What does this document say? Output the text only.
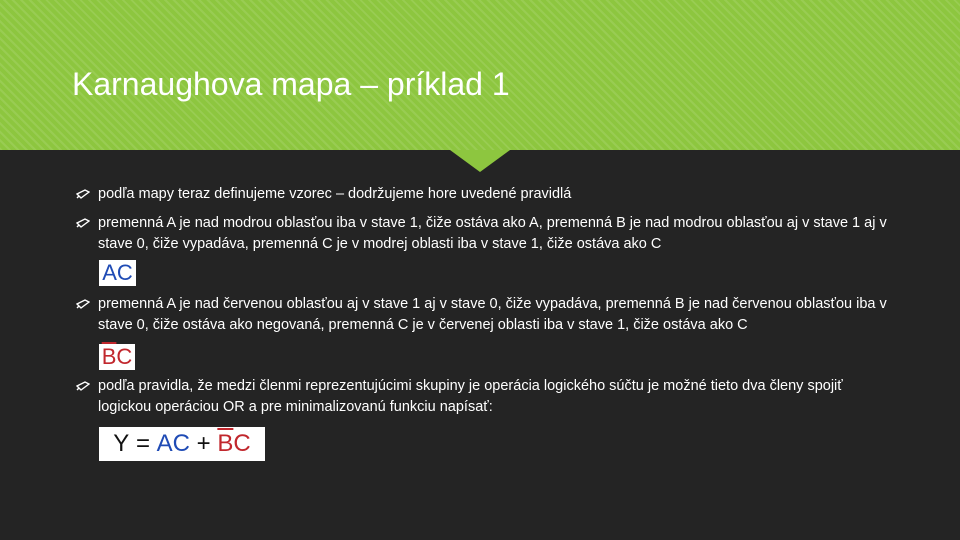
Karnaughova mapa – príklad 1
podľa mapy teraz definujeme vzorec – dodržujeme hore uvedené pravidlá
premenná A je nad modrou oblasťou iba v stave 1, čiže ostáva ako A, premenná B je nad modrou oblasťou aj v stave 1 aj v stave 0, čiže vypadáva, premenná C je v modrej oblasti iba v stave 1, čiže ostáva ako C
AC
premenná A je nad červenou oblasťou aj v stave 1 aj v stave 0, čiže vypadáva, premenná B je nad červenou oblasťou iba v stave 0, čiže ostáva ako negovaná, premenná C je v červenej oblasti iba v stave 1, čiže ostáva ako C
$\overline{B}$ C
podľa pravidla, že medzi členmi reprezentujúcimi skupiny je operácia logického súčtu je možné tieto dva členy spojiť logickou operáciou OR a pre minimalizovanú funkciu napísať:
Y
=
AC
+
$\overline{B}$ C
